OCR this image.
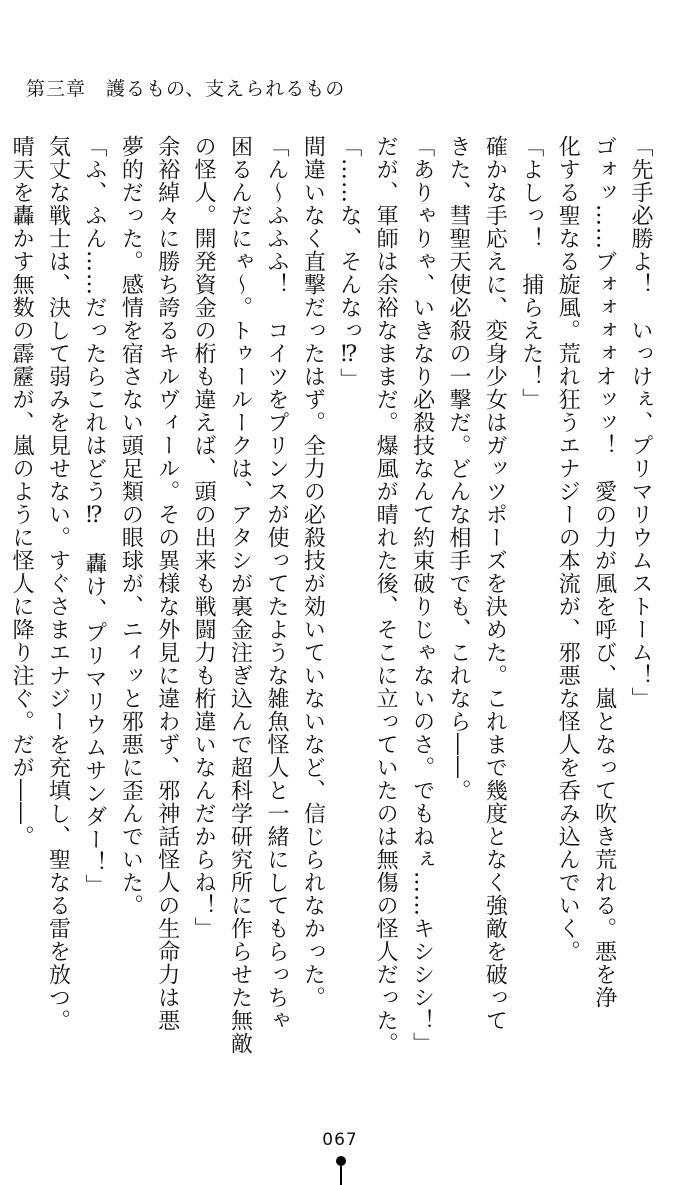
第三章　護るもの、支えられるもの

「先手必勝よ！　いっけぇ、プリマリウムストーム！」

ゴォッ……ブォォォォオッッ！　愛の力が風を呼び、嵐となって吹き荒れる。悪を浄

化する聖なる旋風。荒れ狂うエナジーの本流が、邪悪な怪人を呑み込んでいく。

「よしっ！　捕らえた！」

確かな手応えに、変身少女はガッツポーズを決めた。これまで幾度となく強敵を破って

きた、彗聖天使必殺の一撃だ。どんな相手でも、これなら――。

「ありゃりゃ、いきなり必殺技なんて約束破りじゃないのさ。でもねぇ……キシシシ！」

だが、軍師は余裕なままだ。爆風が晴れた後、そこに立っていたのは無傷の怪人だった。

「……な、そんなっ⁉」

間違いなく直撃だったはず。全力の必殺技が効いていないなど、信じられなかった。

「ん～ふふふ！　コイツをプリンスが使ってたような雑魚怪人と一緒にしてもらっちゃ

困るんだにゃ～。トゥールークは、アタシが裏金注ぎ込んで超科学研究所に作らせた無敵

の怪人。開発資金の桁も違えば、頭の出来も戦闘力も桁違いなんだからね！」

余裕綽々に勝ち誇るキルヴィール。その異様な外見に違わず、邪神話怪人の生命力は悪

夢的だった。感情を宿さない頭足類の眼球が、ニィッと邪悪に歪んでいた。

「ふ、ふん……だったらこれはどう⁉　轟け、プリマリウムサンダー！」

気丈な戦士は、決して弱みを見せない。すぐさまエナジーを充填し、聖なる雷を放つ。

晴天を轟かす無数の霹靂が、嵐のように怪人に降り注ぐ。だが――。

067
